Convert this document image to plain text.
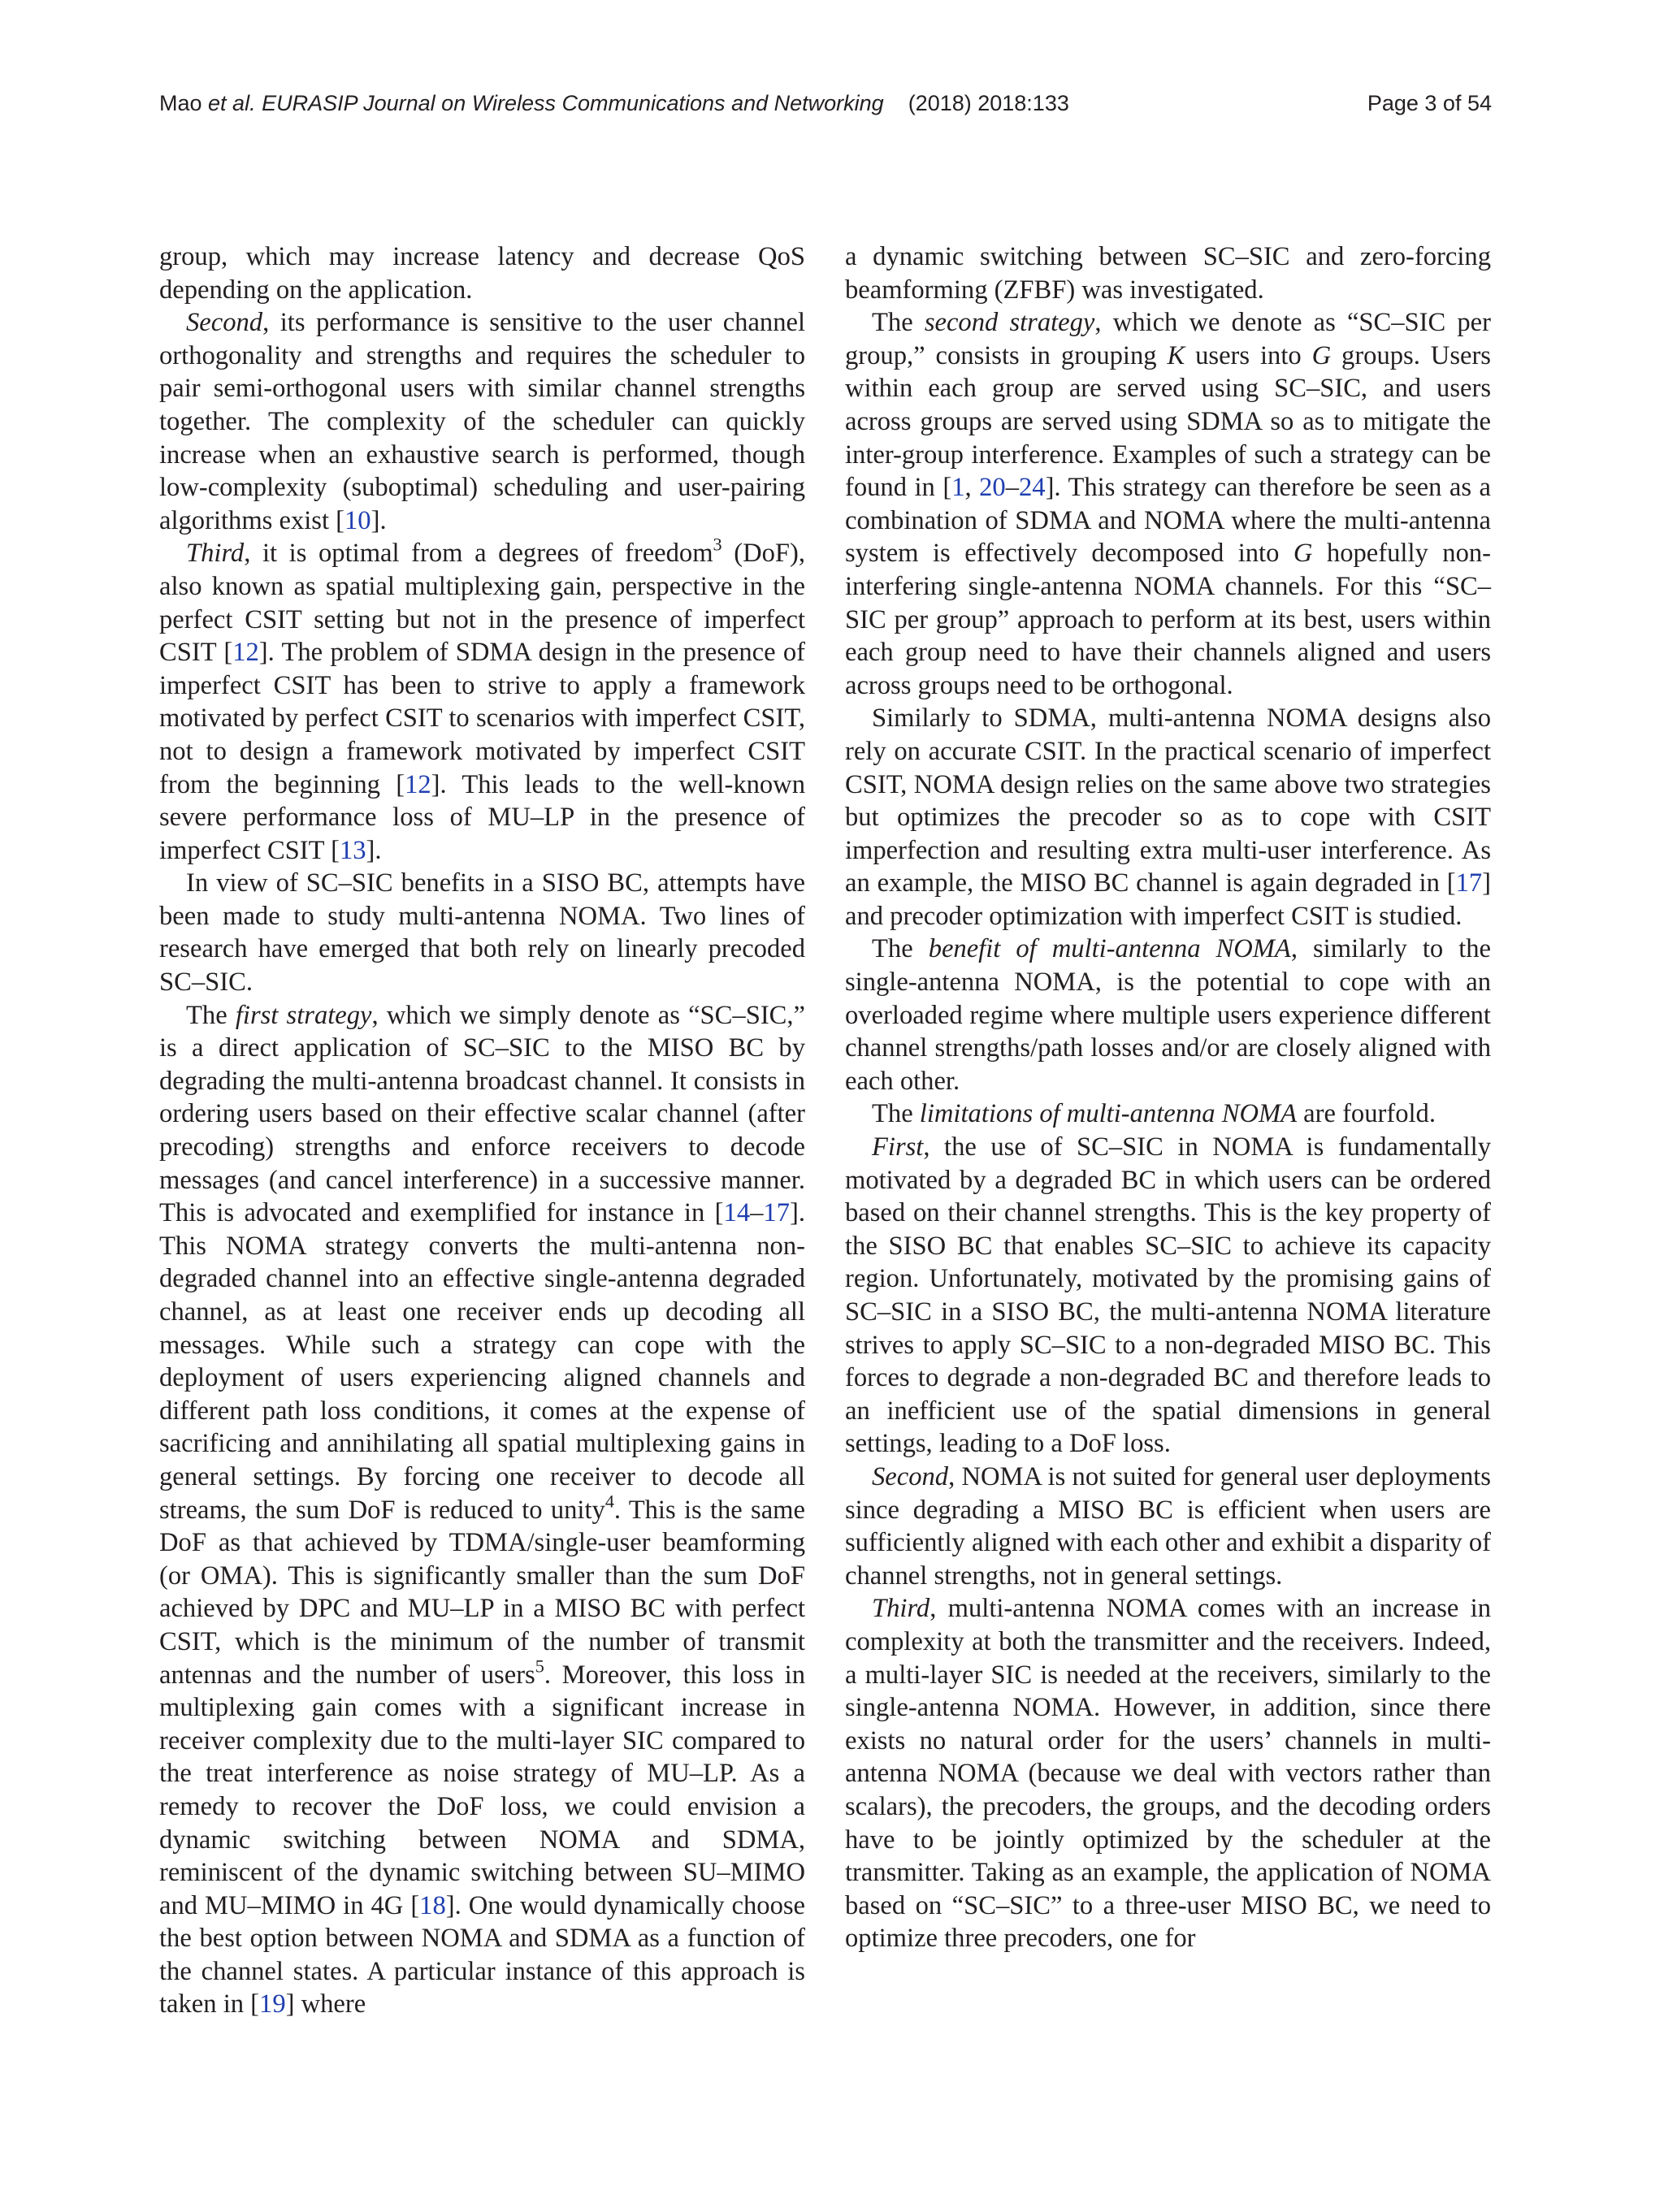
Mao et al. EURASIP Journal on Wireless Communications and Networking (2018) 2018:133	Page 3 of 54

group, which may increase latency and decrease QoS depending on the application.

Second, its performance is sensitive to the user channel orthogonality and strengths and requires the scheduler to pair semi-orthogonal users with similar channel strengths together. The complexity of the scheduler can quickly increase when an exhaustive search is performed, though low-complexity (suboptimal) scheduling and user-pairing algorithms exist [10].

Third, it is optimal from a degrees of freedom$^3$ (DoF), also known as spatial multiplexing gain, perspective in the perfect CSIT setting but not in the presence of imperfect CSIT [12]. The problem of SDMA design in the presence of imperfect CSIT has been to strive to apply a framework motivated by perfect CSIT to scenarios with imperfect CSIT, not to design a framework motivated by imperfect CSIT from the beginning [12]. This leads to the well-known severe performance loss of MU–LP in the presence of imperfect CSIT [13].

In view of SC–SIC benefits in a SISO BC, attempts have been made to study multi-antenna NOMA. Two lines of research have emerged that both rely on linearly precoded SC–SIC.

The first strategy, which we simply denote as “SC–SIC,” is a direct application of SC–SIC to the MISO BC by degrading the multi-antenna broadcast channel. It consists in ordering users based on their effective scalar channel (after precoding) strengths and enforce receivers to decode messages (and cancel interference) in a successive manner. This is advocated and exemplified for instance in [14–17]. This NOMA strategy converts the multi-antenna non-degraded channel into an effective single-antenna degraded channel, as at least one receiver ends up decoding all messages. While such a strategy can cope with the deployment of users experiencing aligned channels and different path loss conditions, it comes at the expense of sacrificing and annihilating all spatial multiplexing gains in general settings. By forcing one receiver to decode all streams, the sum DoF is reduced to unity$^4$. This is the same DoF as that achieved by TDMA/single-user beamforming (or OMA). This is significantly smaller than the sum DoF achieved by DPC and MU–LP in a MISO BC with perfect CSIT, which is the minimum of the number of transmit antennas and the number of users$^5$. Moreover, this loss in multiplexing gain comes with a significant increase in receiver complexity due to the multi-layer SIC compared to the treat interference as noise strategy of MU–LP. As a remedy to recover the DoF loss, we could envision a dynamic switching between NOMA and SDMA, reminiscent of the dynamic switching between SU–MIMO and MU–MIMO in 4G [18]. One would dynamically choose the best option between NOMA and SDMA as a function of the channel states. A particular instance of this approach is taken in [19] where

a dynamic switching between SC–SIC and zero-forcing beamforming (ZFBF) was investigated.

The second strategy, which we denote as “SC–SIC per group,” consists in grouping K users into G groups. Users within each group are served using SC–SIC, and users across groups are served using SDMA so as to mitigate the inter-group interference. Examples of such a strategy can be found in [1, 20–24]. This strategy can therefore be seen as a combination of SDMA and NOMA where the multi-antenna system is effectively decomposed into G hopefully non-interfering single-antenna NOMA channels. For this “SC–SIC per group” approach to perform at its best, users within each group need to have their channels aligned and users across groups need to be orthogonal.

Similarly to SDMA, multi-antenna NOMA designs also rely on accurate CSIT. In the practical scenario of imperfect CSIT, NOMA design relies on the same above two strategies but optimizes the precoder so as to cope with CSIT imperfection and resulting extra multi-user interference. As an example, the MISO BC channel is again degraded in [17] and precoder optimization with imperfect CSIT is studied.

The benefit of multi-antenna NOMA, similarly to the single-antenna NOMA, is the potential to cope with an overloaded regime where multiple users experience different channel strengths/path losses and/or are closely aligned with each other.

The limitations of multi-antenna NOMA are fourfold.

First, the use of SC–SIC in NOMA is fundamentally motivated by a degraded BC in which users can be ordered based on their channel strengths. This is the key property of the SISO BC that enables SC–SIC to achieve its capacity region. Unfortunately, motivated by the promising gains of SC–SIC in a SISO BC, the multi-antenna NOMA literature strives to apply SC–SIC to a non-degraded MISO BC. This forces to degrade a non-degraded BC and therefore leads to an inefficient use of the spatial dimensions in general settings, leading to a DoF loss.

Second, NOMA is not suited for general user deployments since degrading a MISO BC is efficient when users are sufficiently aligned with each other and exhibit a disparity of channel strengths, not in general settings.

Third, multi-antenna NOMA comes with an increase in complexity at both the transmitter and the receivers. Indeed, a multi-layer SIC is needed at the receivers, similarly to the single-antenna NOMA. However, in addition, since there exists no natural order for the users’ channels in multi-antenna NOMA (because we deal with vectors rather than scalars), the precoders, the groups, and the decoding orders have to be jointly optimized by the scheduler at the transmitter. Taking as an example, the application of NOMA based on “SC–SIC” to a three-user MISO BC, we need to optimize three precoders, one for
